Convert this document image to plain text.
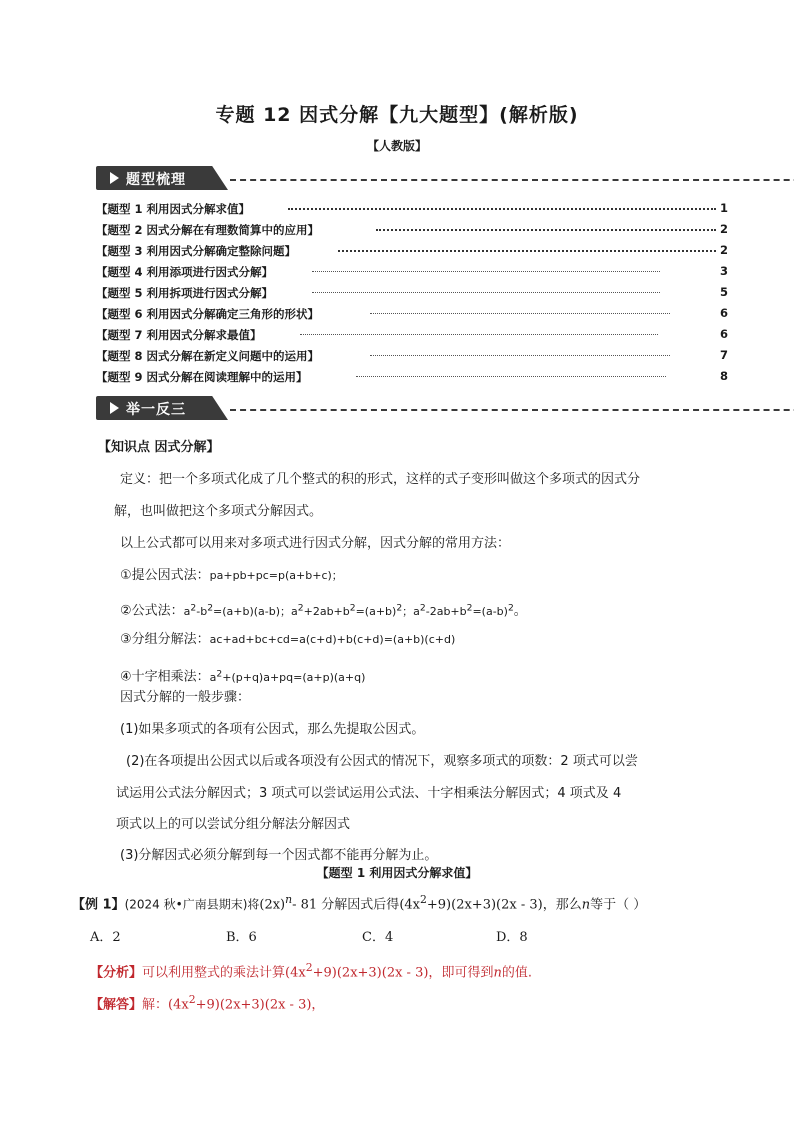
专题 12 因式分解【九大题型】(解析版)
【人教版】
题型梳理
【题型 1 利用因式分解求值】	1
【题型 2 因式分解在有理数简算中的应用】	2
【题型 3 利用因式分解确定整除问题】	2
【题型 4 利用添项进行因式分解】	3
【题型 5 利用拆项进行因式分解】	5
【题型 6 利用因式分解确定三角形的形状】	6
【题型 7 利用因式分解求最值】	6
【题型 8 因式分解在新定义问题中的运用】	7
【题型 9 因式分解在阅读理解中的运用】	8
举一反三
【知识点 因式分解】
定义：把一个多项式化成了几个整式的积的形式，这样的式子变形叫做这个多项式的因式分
解，也叫做把这个多项式分解因式。
以上公式都可以用来对多项式进行因式分解，因式分解的常用方法：
①提公因式法：pa+pb+pc=p(a+b+c)；
②公式法：$a^2-b^2=(a+b)(a-b)$；$a^2+2ab+b^2=(a+b)^2$；$a^2-2ab+b^2=(a-b)^2$。
③分组分解法：ac+ad+bc+cd=a(c+d)+b(c+d)=(a+b)(c+d)
④十字相乘法：$a^2+(p+q)a+pq=(a+p)(a+q)$
因式分解的一般步骤：
(1)如果多项式的各项有公因式，那么先提取公因式。
(2)在各项提出公因式以后或各项没有公因式的情况下，观察多项式的项数：2 项式可以尝
试运用公式法分解因式；3 项式可以尝试运用公式法、十字相乘法分解因式；4 项式及 4
项式以上的可以尝试分组分解法分解因式
(3)分解因式必须分解到每一个因式都不能再分解为止。
【题型 1 利用因式分解求值】
【例 1】(2024 秋•广南县期末)将$(2x)^n-$ 81 分解因式后得$(4x^2+9)(2x+3)(2x - 3)$，那么n等于（ ）
A．2	B．6	C．4	D．8
【分析】可以利用整式的乘法计算$(4x^2+9)(2x+3)(2x - 3)$，即可得到n的值.
【解答】解：$(4x^2+9)(2x+3)(2x - 3)$，
